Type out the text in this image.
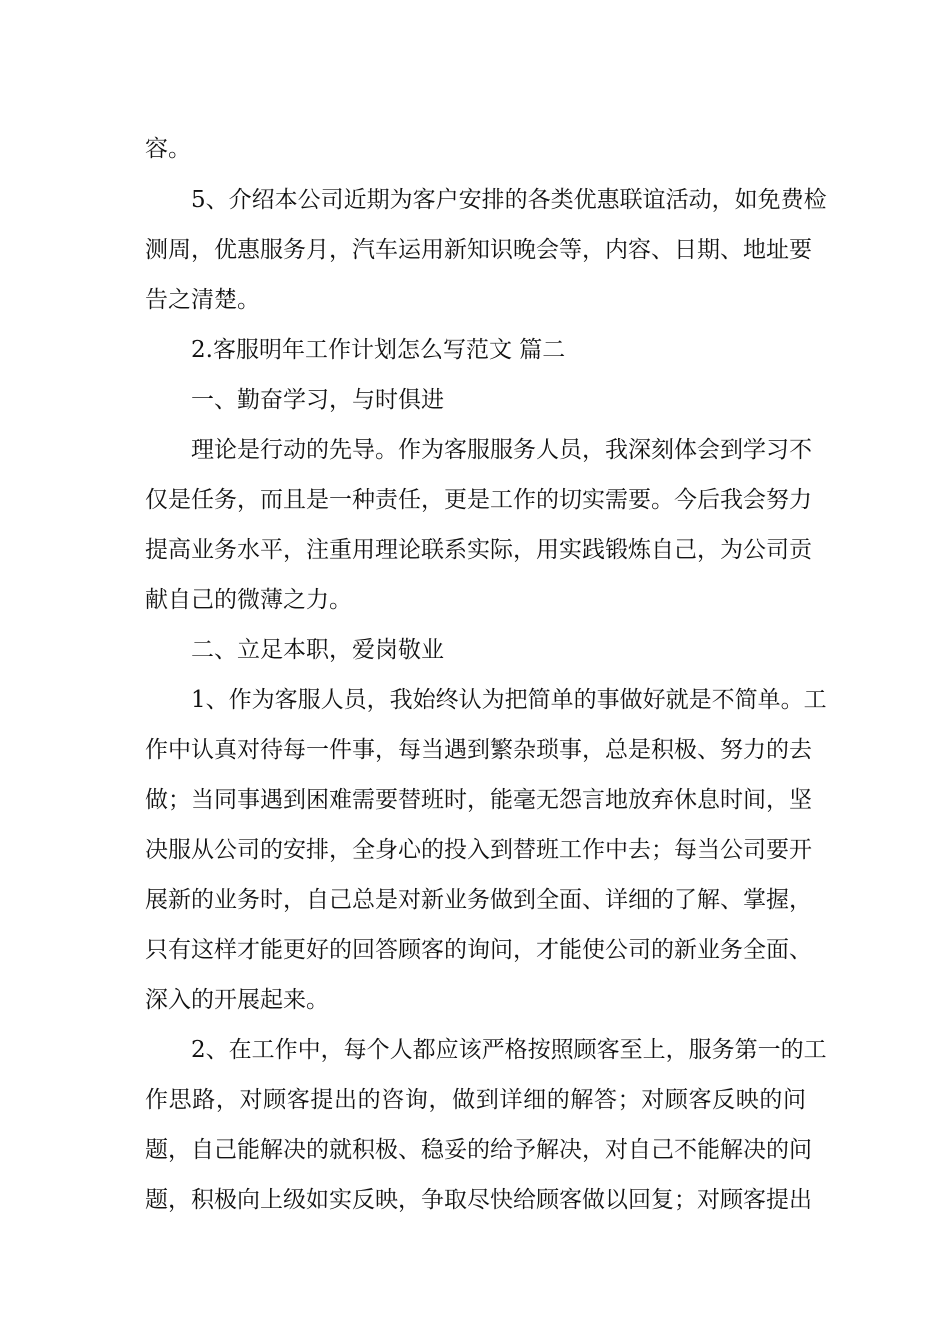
容。
5、介绍本公司近期为客户安排的各类优惠联谊活动，如免费检
测周，优惠服务月，汽车运用新知识晚会等，内容、日期、地址要
告之清楚。
2.客服明年工作计划怎么写范文 篇二
一、勤奋学习，与时俱进
理论是行动的先导。作为客服服务人员，我深刻体会到学习不
仅是任务，而且是一种责任，更是工作的切实需要。今后我会努力
提高业务水平，注重用理论联系实际，用实践锻炼自己，为公司贡
献自己的微薄之力。
二、立足本职，爱岗敬业
1、作为客服人员，我始终认为把简单的事做好就是不简单。工
作中认真对待每一件事，每当遇到繁杂琐事，总是积极、努力的去
做；当同事遇到困难需要替班时，能毫无怨言地放弃休息时间，坚
决服从公司的安排，全身心的投入到替班工作中去；每当公司要开
展新的业务时，自己总是对新业务做到全面、详细的了解、掌握，
只有这样才能更好的回答顾客的询问，才能使公司的新业务全面、
深入的开展起来。
2、在工作中，每个人都应该严格按照顾客至上，服务第一的工
作思路，对顾客提出的咨询，做到详细的解答；对顾客反映的问
题，自己能解决的就积极、稳妥的给予解决，对自己不能解决的问
题，积极向上级如实反映，争取尽快给顾客做以回复；对顾客提出
